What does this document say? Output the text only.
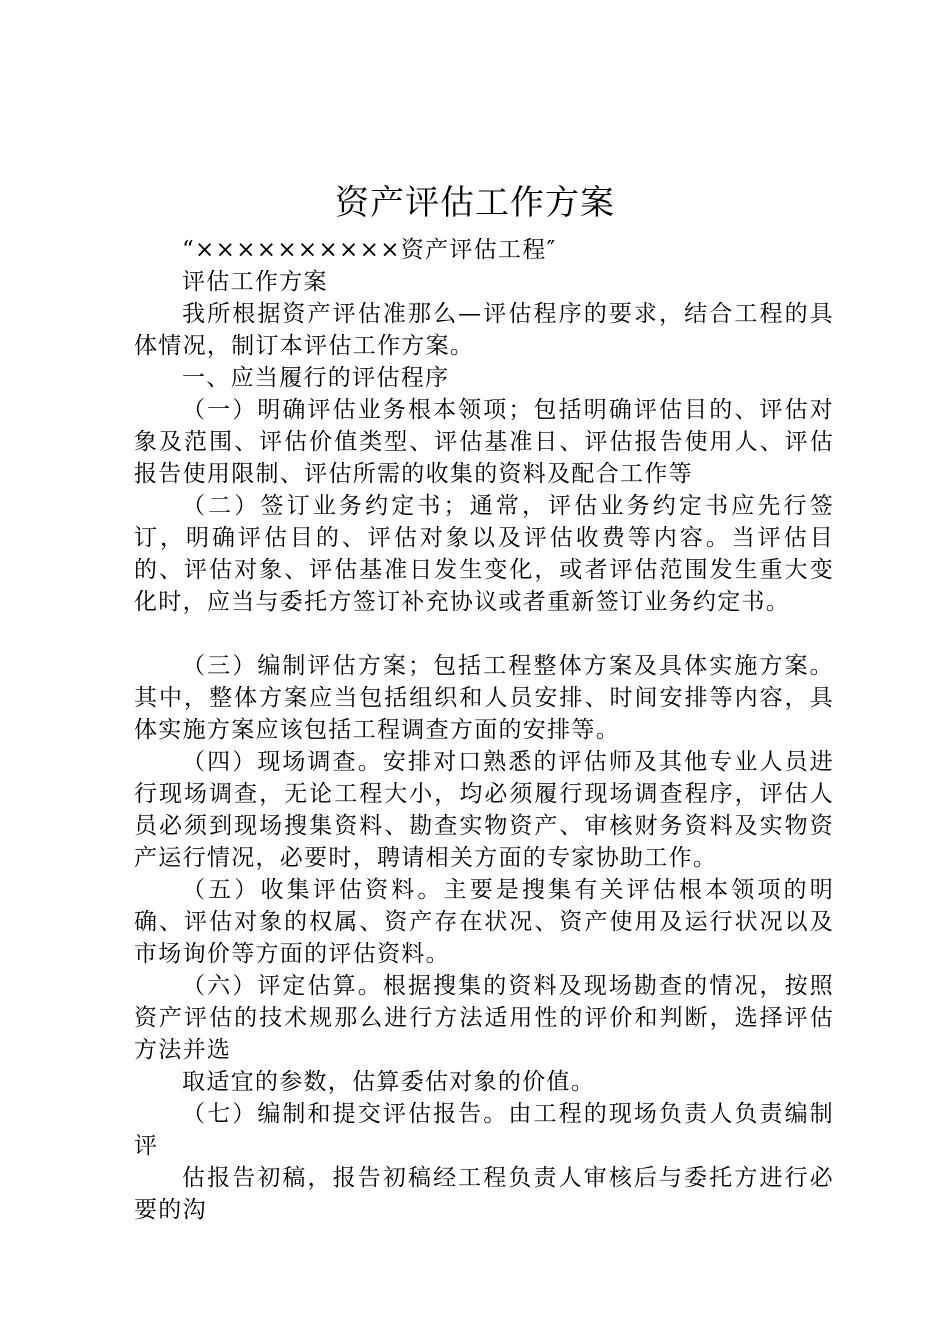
资产评估工作方案

“××××××××××资产评估工程″

评估工作方案

我所根据资产评估准那么—评估程序的要求，结合工程的具体情况，制订本评估工作方案。

一、应当履行的评估程序

（一）明确评估业务根本领项；包括明确评估目的、评估对象及范围、评估价值类型、评估基准日、评估报告使用人、评估报告使用限制、评估所需的收集的资料及配合工作等

（二）签订业务约定书；通常，评估业务约定书应先行签订，明确评估目的、评估对象以及评估收费等内容。当评估目的、评估对象、评估基准日发生变化，或者评估范围发生重大变化时，应当与委托方签订补充协议或者重新签订业务约定书。

（三）编制评估方案；包括工程整体方案及具体实施方案。其中，整体方案应当包括组织和人员安排、时间安排等内容，具体实施方案应该包括工程调查方面的安排等。

（四）现场调查。安排对口熟悉的评估师及其他专业人员进行现场调查，无论工程大小，均必须履行现场调查程序，评估人员必须到现场搜集资料、勘查实物资产、审核财务资料及实物资产运行情况，必要时，聘请相关方面的专家协助工作。

（五）收集评估资料。主要是搜集有关评估根本领项的明确、评估对象的权属、资产存在状况、资产使用及运行状况以及市场询价等方面的评估资料。

（六）评定估算。根据搜集的资料及现场勘查的情况，按照资产评估的技术规那么进行方法适用性的评价和判断，选择评估方法并选

取适宜的参数，估算委估对象的价值。

（七）编制和提交评估报告。由工程的现场负责人负责编制评

估报告初稿，报告初稿经工程负责人审核后与委托方进行必要的沟
